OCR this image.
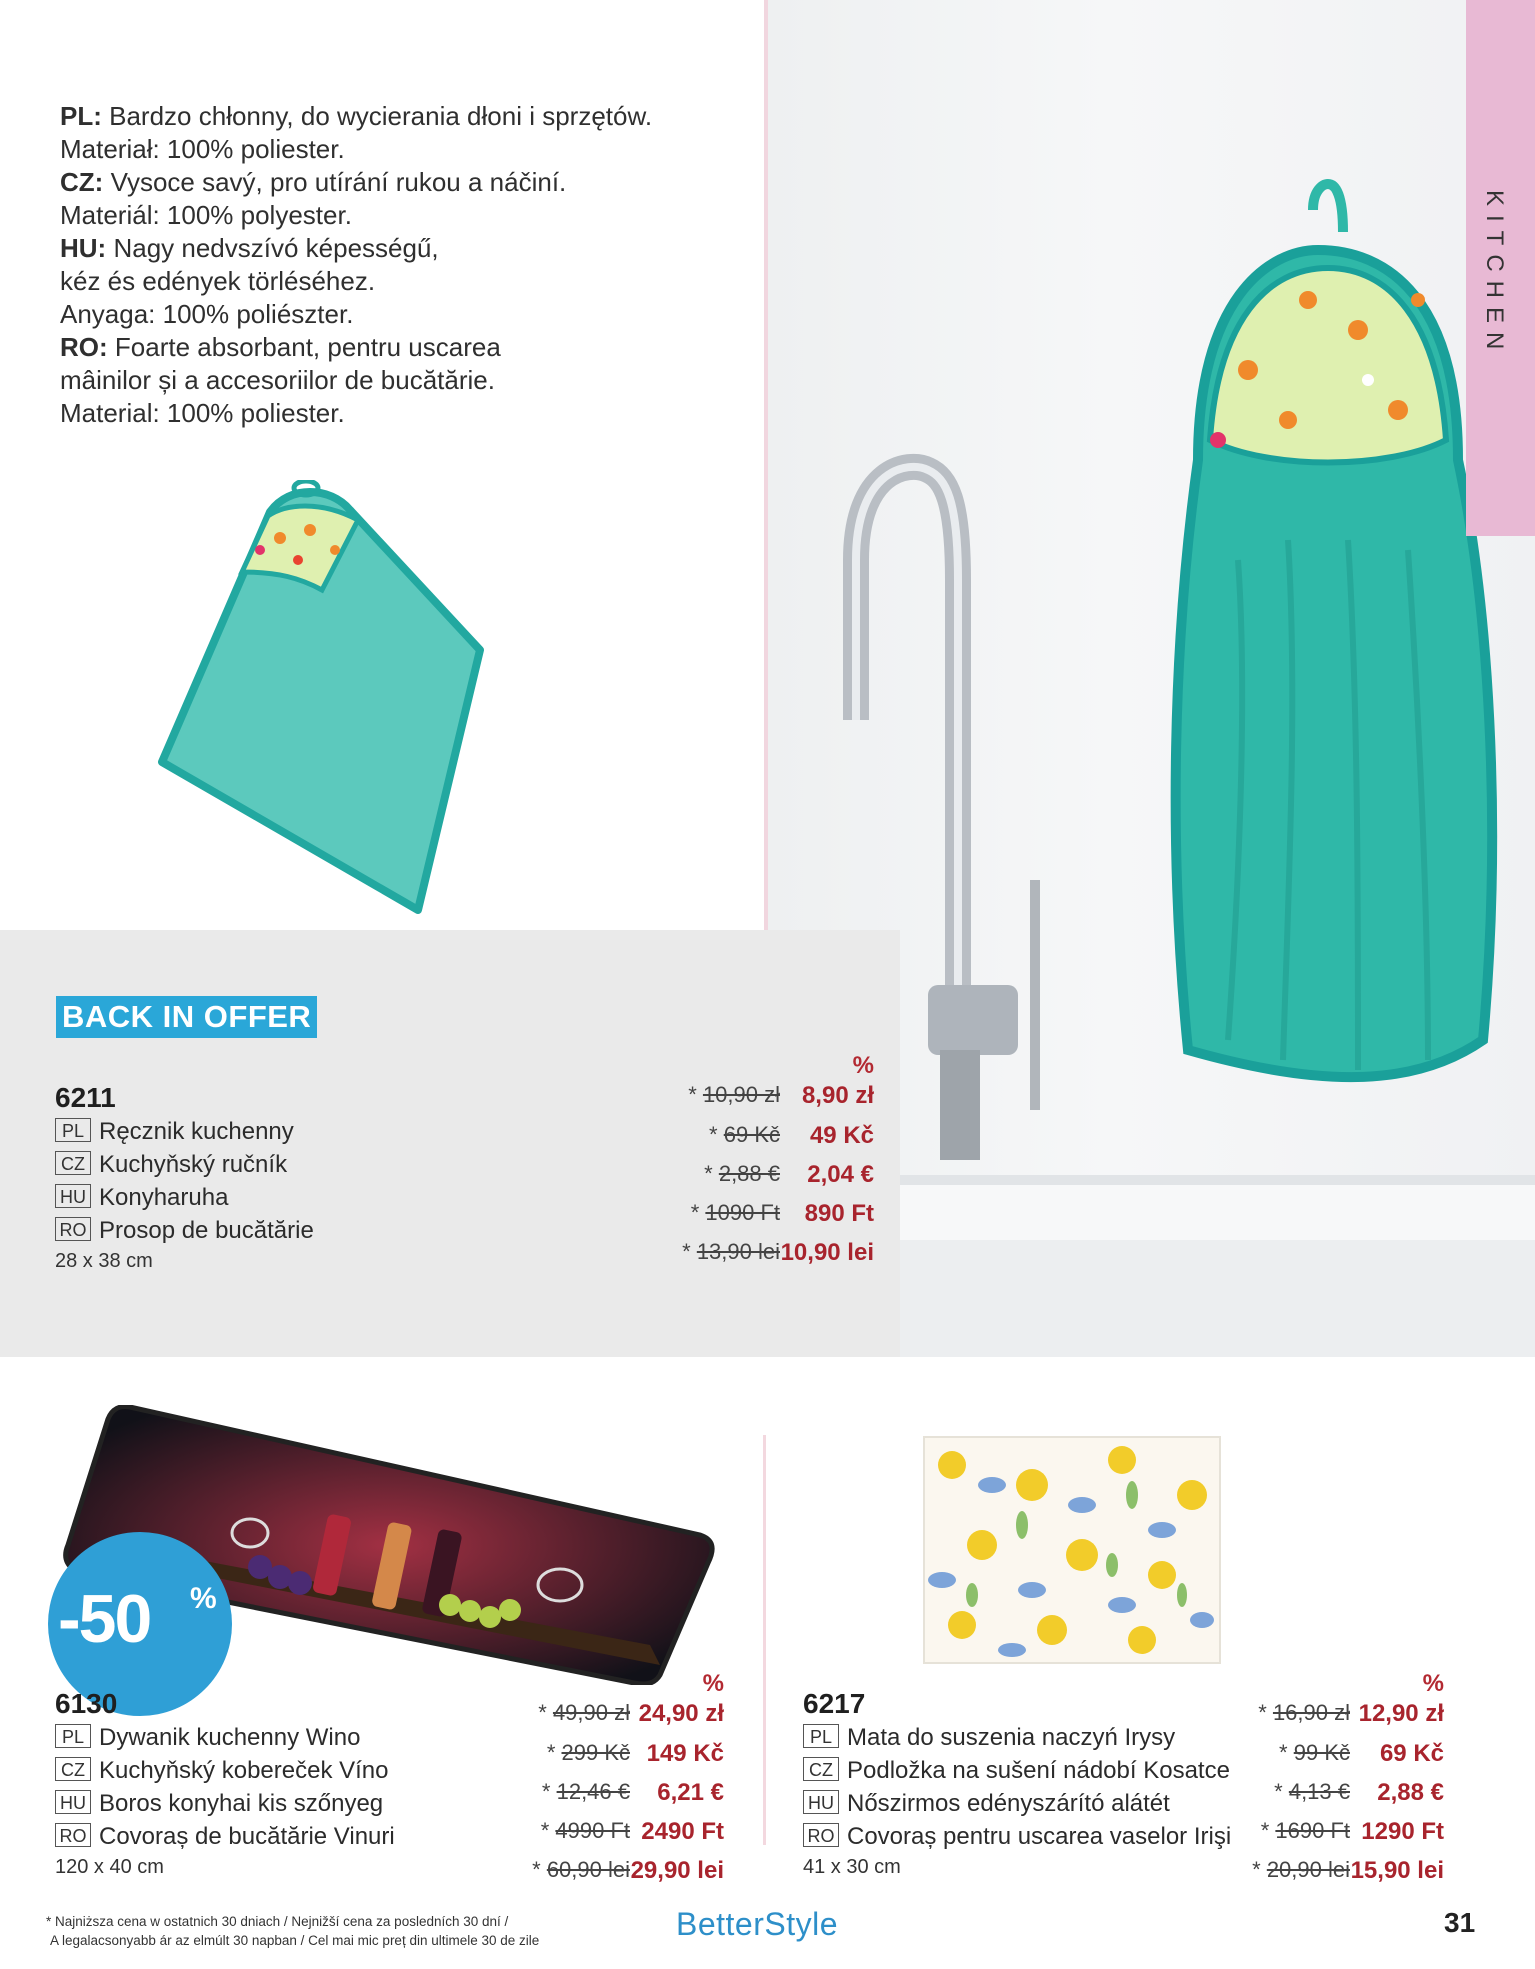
PL: Bardzo chłonny, do wycierania dłoni i sprzętów.
Materiał: 100% poliester.
CZ: Vysoce savý, pro utírání rukou a náčiní.
Materiál: 100% polyester.
HU: Nagy nedvszívó képességű,
kéz és edények törléséhez.
Anyaga: 100% poliészter.
RO: Foarte absorbant, pentru uscarea
mâinilor și a accesoriilor de bucătărie.
Material: 100% poliester.
KITCHEN
BACK IN OFFER
6211
PL Ręcznik kuchenny
CZ Kuchyňský ručník
HU Konyharuha
RO Prosop de bucătărie
28 x 38 cm
%
* 10,90 zł 8,90 zł
* 69 Kč 49 Kč
* 2,88 € 2,04 €
* 1090 Ft 890 Ft
* 13,90 lei 10,90 lei
-50 %
6130
PL Dywanik kuchenny Wino
CZ Kuchyňský koberеček Víno
HU Boros konyhai kis szőnyeg
RO Covoraș de bucătărie Vinuri
120 x 40 cm
%
* 49,90 zł 24,90 zł
* 299 Kč 149 Kč
* 12,46 € 6,21 €
* 4990 Ft 2490 Ft
* 60,90 lei 29,90 lei
6217
PL Mata do suszenia naczyń Irysy
CZ Podložka na sušení nádobí Kosatce
HU Nőszirmos edényszárító alátét
RO Covoraș pentru uscarea vaselor Irişi
41 x 30 cm
%
* 16,90 zł 12,90 zł
* 99 Kč 69 Kč
* 4,13 € 2,88 €
* 1690 Ft 1290 Ft
* 20,90 lei 15,90 lei
* Najniższa cena w ostatnich 30 dniach / Nejnižší cena za posledních 30 dní /
A legalacsonyabb ár az elmúlt 30 napban / Cel mai mic preț din ultimele 30 de zile	BetterStyle	31
